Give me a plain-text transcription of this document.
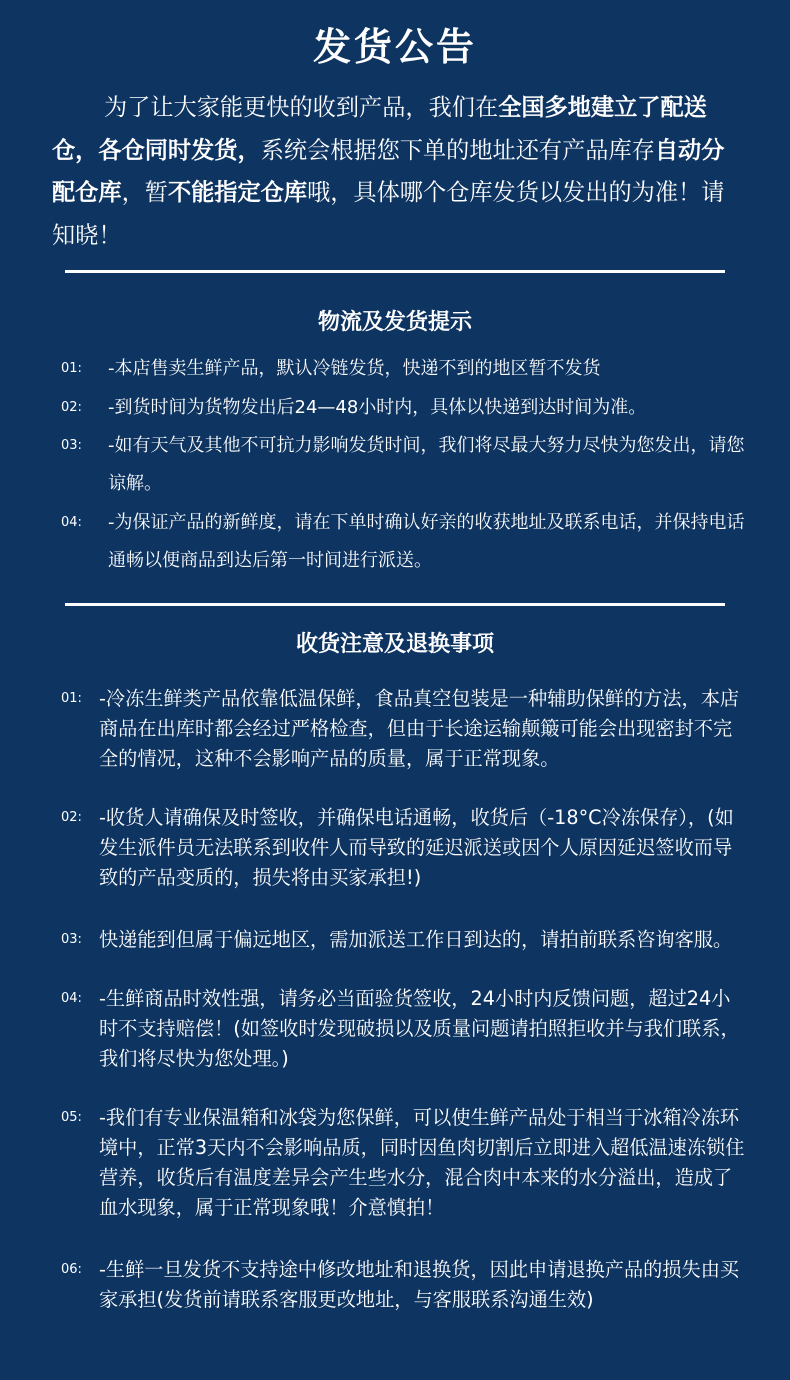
发货公告

为了让大家能更快的收到产品，我们在全国多地建立了配送仓，各仓同时发货，系统会根据您下单的地址还有产品库存自动分配仓库，暂不能指定仓库哦，具体哪个仓库发货以发出的为准！请知晓！

物流及发货提示
01: -本店售卖生鲜产品，默认冷链发货，快递不到的地区暂不发货

02: -到货时间为货物发出后24—48小时内，具体以快递到达时间为准。

03: -如有天气及其他不可抗力影响发货时间，我们将尽最大努力尽快为您发出，请您谅解。

04: -为保证产品的新鲜度，请在下单时确认好亲的收获地址及联系电话，并保持电话通畅以便商品到达后第一时间进行派送。

收货注意及退换事项
01: -冷冻生鲜类产品依靠低温保鲜，食品真空包装是一种辅助保鲜的方法，本店商品在出库时都会经过严格检查，但由于长途运输颠簸可能会出现密封不完全的情况，这种不会影响产品的质量，属于正常现象。

02: -收货人请确保及时签收，并确保电话通畅，收货后（-18°C冷冻保存），(如发生派件员无法联系到收件人而导致的延迟派送或因个人原因延迟签收而导致的产品变质的，损失将由买家承担!)

03: 快递能到但属于偏远地区，需加派送工作日到达的，请拍前联系咨询客服。

04: -生鲜商品时效性强，请务必当面验货签收，24小时内反馈问题，超过24小时不支持赔偿！(如签收时发现破损以及质量问题请拍照拒收并与我们联系，我们将尽快为您处理。)

05: -我们有专业保温箱和冰袋为您保鲜，可以使生鲜产品处于相当于冰箱冷冻环境中，正常3天内不会影响品质，同时因鱼肉切割后立即进入超低温速冻锁住营养，收货后有温度差异会产生些水分，混合肉中本来的水分溢出，造成了血水现象，属于正常现象哦！介意慎拍！

06: -生鲜一旦发货不支持途中修改地址和退换货，因此申请退换产品的损失由买家承担(发货前请联系客服更改地址，与客服联系沟通生效)
